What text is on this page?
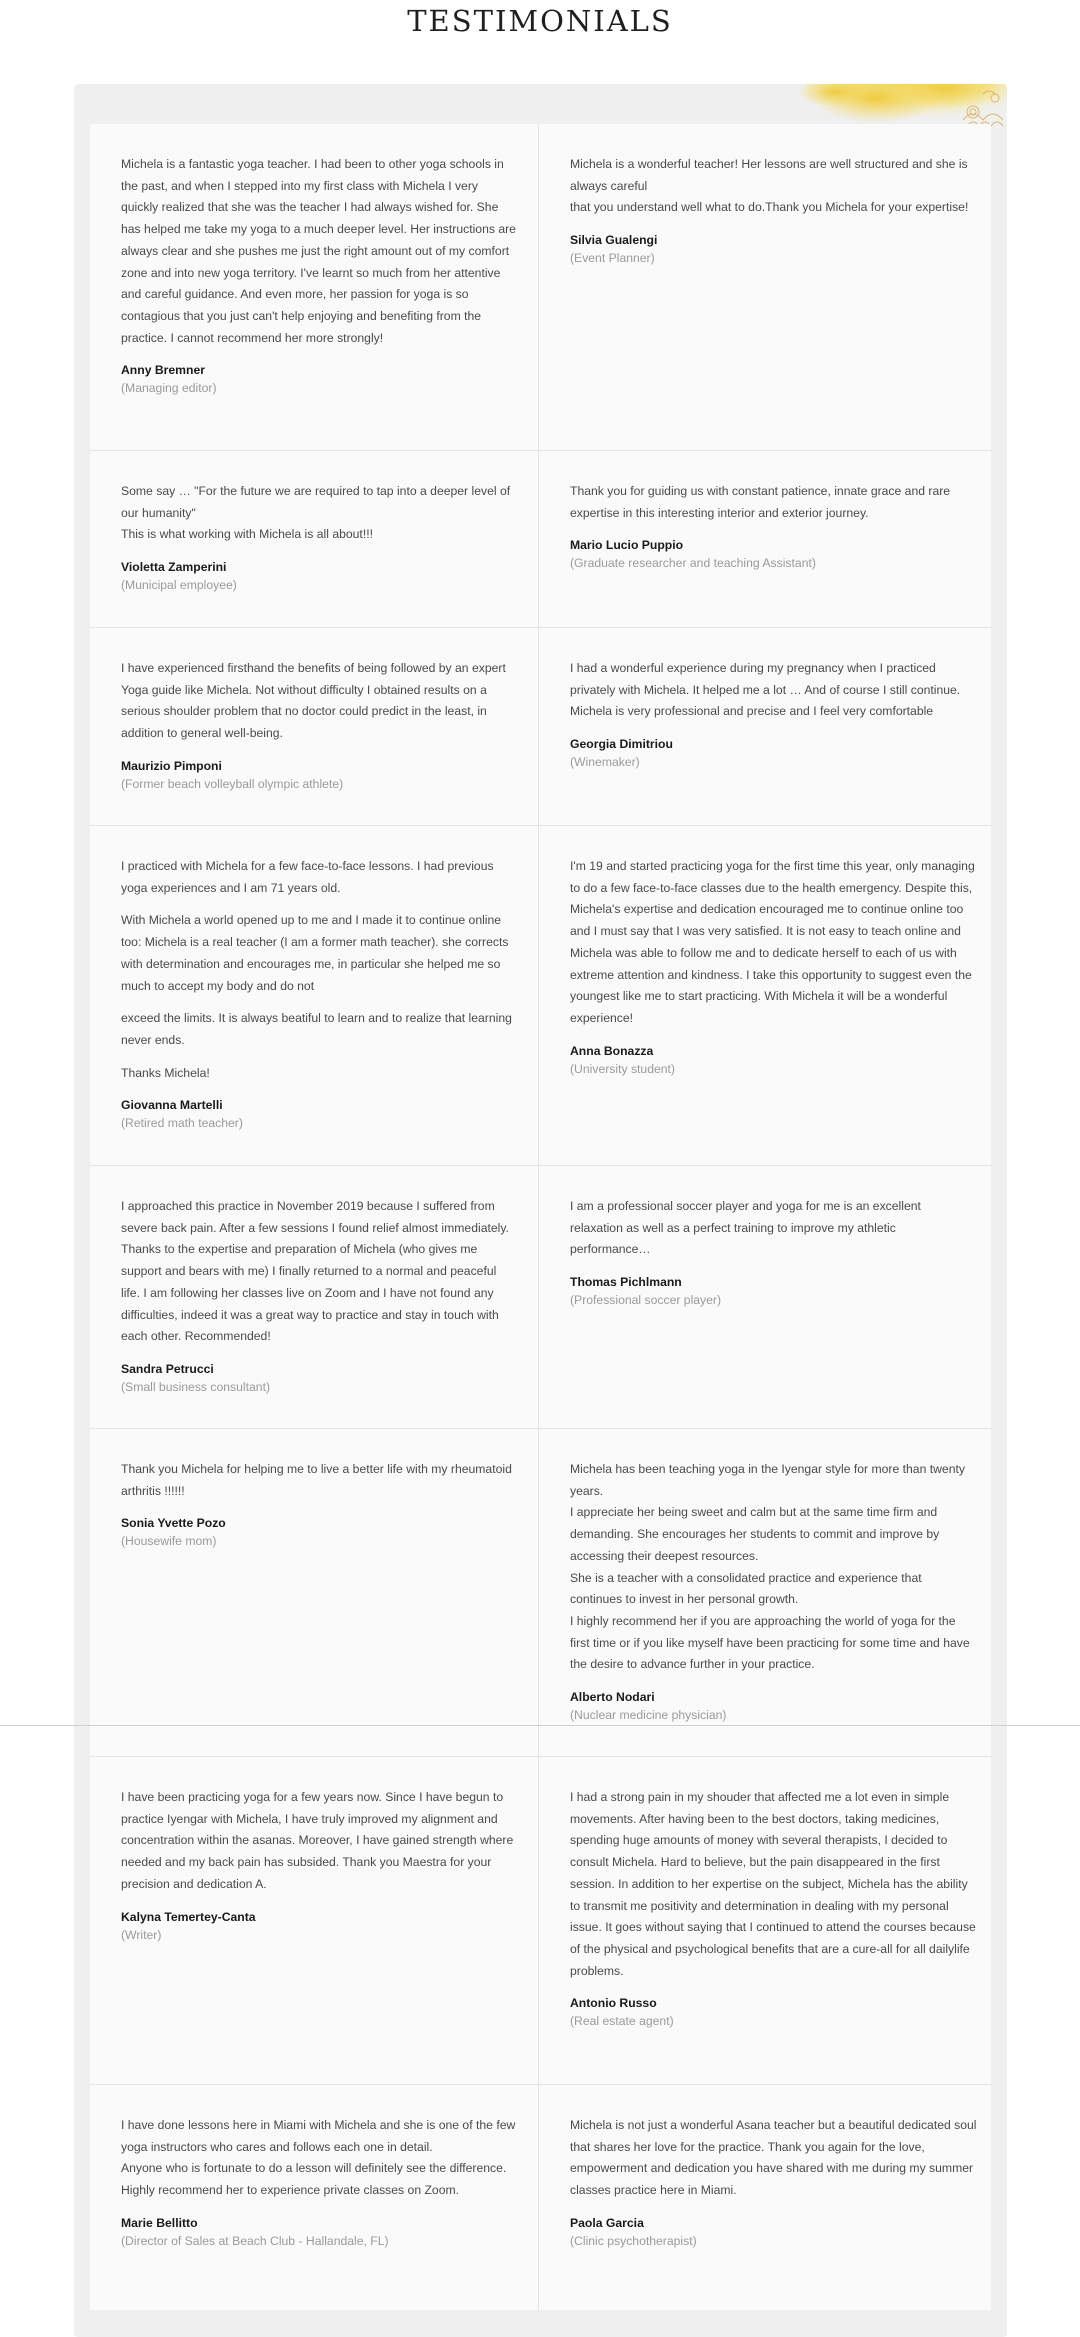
TESTIMONIALS

Michela is a fantastic yoga teacher. I had been to other yoga schools in the past, and when I stepped into my first class with Michela I very quickly realized that she was the teacher I had always wished for. She has helped me take my yoga to a much deeper level. Her instructions are always clear and she pushes me just the right amount out of my comfort zone and into new yoga territory. I've learnt so much from her attentive and careful guidance. And even more, her passion for yoga is so contagious that you just can't help enjoying and benefiting from the practice. I cannot recommend her more strongly!

Anny Bremner
(Managing editor)

Michela is a wonderful teacher! Her lessons are well structured and she is always careful
that you understand well what to do.Thank you Michela for your expertise!

Silvia Gualengi
(Event Planner)

Some say … "For the future we are required to tap into a deeper level of our humanity"
This is what working with Michela is all about!!!

Violetta Zamperini
(Municipal employee)

Thank you for guiding us with constant patience, innate grace and rare expertise in this interesting interior and exterior journey.

Mario Lucio Puppio
(Graduate researcher and teaching Assistant)

I have experienced firsthand the benefits of being followed by an expert Yoga guide like Michela. Not without difficulty I obtained results on a serious shoulder problem that no doctor could predict in the least, in addition to general well-being.

Maurizio Pimponi
(Former beach volleyball olympic athlete)

I had a wonderful experience during my pregnancy when I practiced privately with Michela. It helped me a lot … And of course I still continue. Michela is very professional and precise and I feel very comfortable

Georgia Dimitriou
(Winemaker)

I practiced with Michela for a few face-to-face lessons. I had previous yoga experiences and I am 71 years old.

With Michela a world opened up to me and I made it to continue online too: Michela is a real teacher (I am a former math teacher). she corrects with determination and encourages me, in particular she helped me so much to accept my body and do not

exceed the limits. It is always beatiful to learn and to realize that learning never ends.

Thanks Michela!

Giovanna Martelli
(Retired math teacher)

I'm 19 and started practicing yoga for the first time this year, only managing to do a few face-to-face classes due to the health emergency. Despite this, Michela's expertise and dedication encouraged me to continue online too and I must say that I was very satisfied. It is not easy to teach online and Michela was able to follow me and to dedicate herself to each of us with extreme attention and kindness. I take this opportunity to suggest even the youngest like me to start practicing. With Michela it will be a wonderful experience!

Anna Bonazza
(University student)

I approached this practice in November 2019 because I suffered from severe back pain. After a few sessions I found relief almost immediately. Thanks to the expertise and preparation of Michela (who gives me support and bears with me) I finally returned to a normal and peaceful life. I am following her classes live on Zoom and I have not found any difficulties, indeed it was a great way to practice and stay in touch with each other. Recommended!

Sandra Petrucci
(Small business consultant)

I am a professional soccer player and yoga for me is an excellent relaxation as well as a perfect training to improve my athletic performance…

Thomas Pichlmann
(Professional soccer player)

Thank you Michela for helping me to live a better life with my rheumatoid arthritis !!!!!!

Sonia Yvette Pozo
(Housewife mom)

Michela has been teaching yoga in the Iyengar style for more than twenty years.
I appreciate her being sweet and calm but at the same time firm and demanding. She encourages her students to commit and improve by accessing their deepest resources.
She is a teacher with a consolidated practice and experience that continues to invest in her personal growth.
I highly recommend her if you are approaching the world of yoga for the first time or if you like myself have been practicing for some time and have the desire to advance further in your practice.

Alberto Nodari
(Nuclear medicine physician)

I have been practicing yoga for a few years now. Since I have begun to practice Iyengar with Michela, I have truly improved my alignment and concentration within the asanas. Moreover, I have gained strength where needed and my back pain has subsided. Thank you Maestra for your precision and dedication A.

Kalyna Temertey-Canta
(Writer)

I had a strong pain in my shouder that affected me a lot even in simple movements. After having been to the best doctors, taking medicines, spending huge amounts of money with several therapists, I decided to consult Michela. Hard to believe, but the pain disappeared in the first session. In addition to her expertise on the subject, Michela has the ability to transmit me positivity and determination in dealing with my personal issue. It goes without saying that I continued to attend the courses because of the physical and psychological benefits that are a cure-all for all dailylife problems.

Antonio Russo
(Real estate agent)

I have done lessons here in Miami with Michela and she is one of the few yoga instructors who cares and follows each one in detail.
Anyone who is fortunate to do a lesson will definitely see the difference.
Highly recommend her to experience private classes on Zoom.

Marie Bellitto
(Director of Sales at Beach Club - Hallandale, FL)

Michela is not just a wonderful Asana teacher but a beautiful dedicated soul that shares her love for the practice. Thank you again for the love, empowerment and dedication you have shared with me during my summer classes practice here in Miami.

Paola Garcia
(Clinic psychotherapist)
